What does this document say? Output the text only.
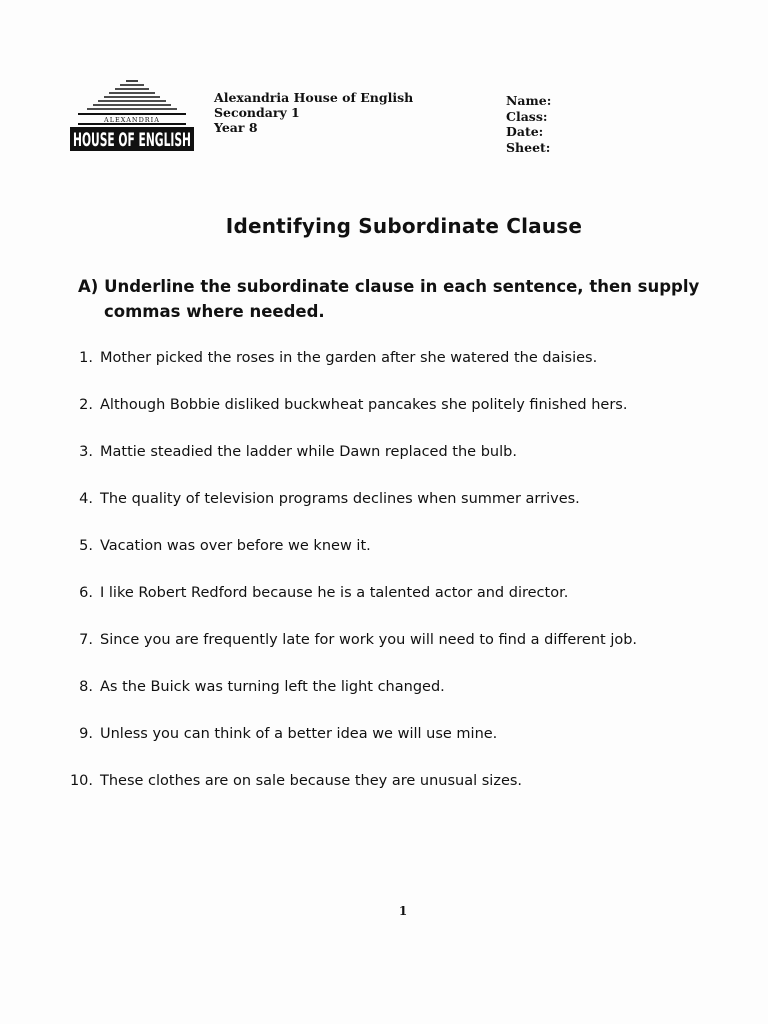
ALEXANDRIA
HOUSE OF ENGLISH
Alexandria House of English
Secondary 1
Year 8
Name:
Class:
Date:
Sheet:
Identifying Subordinate Clause
A) Underline the subordinate clause in each sentence, then supply
commas where needed.
1. Mother picked the roses in the garden after she watered the daisies.
2. Although Bobbie disliked buckwheat pancakes she politely finished hers.
3. Mattie steadied the ladder while Dawn replaced the bulb.
4. The quality of television programs declines when summer arrives.
5. Vacation was over before we knew it.
6. I like Robert Redford because he is a talented actor and director.
7. Since you are frequently late for work you will need to find a different job.
8. As the Buick was turning left the light changed.
9. Unless you can think of a better idea we will use mine.
10. These clothes are on sale because they are unusual sizes.
1
